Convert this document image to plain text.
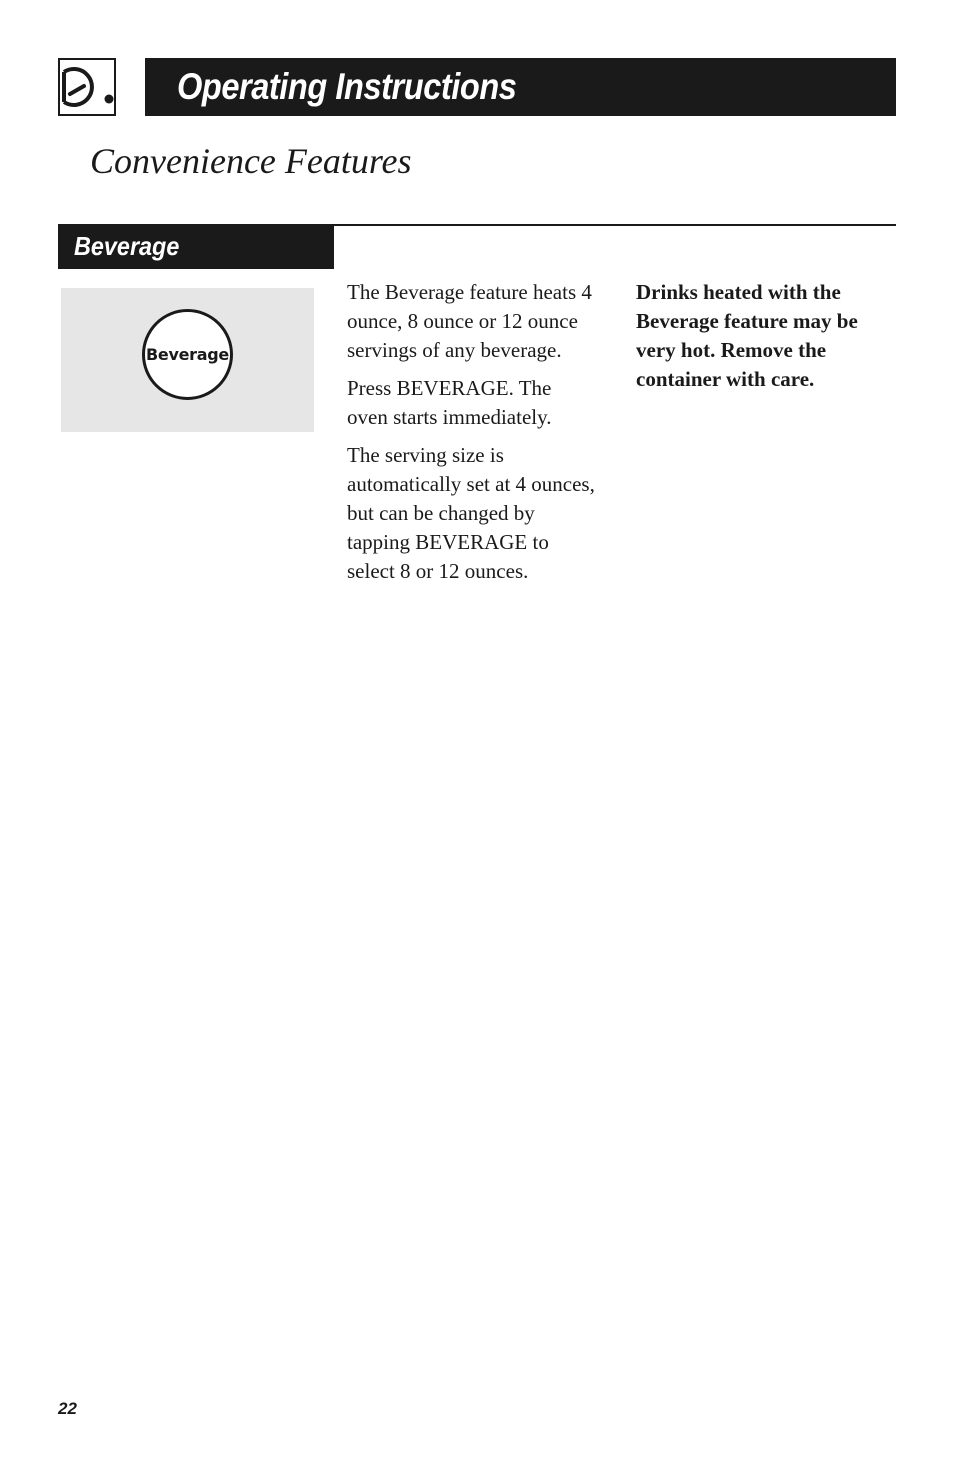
Operating Instructions
Convenience Features
Beverage
Beverage

The Beverage feature heats 4 ounce, 8 ounce or 12 ounce servings of any beverage.

Press BEVERAGE. The oven starts immediately.

The serving size is automatically set at 4 ounces, but can be changed by tapping BEVERAGE to select 8 or 12 ounces.

Drinks heated with the Beverage feature may be very hot. Remove the container with care.

22
